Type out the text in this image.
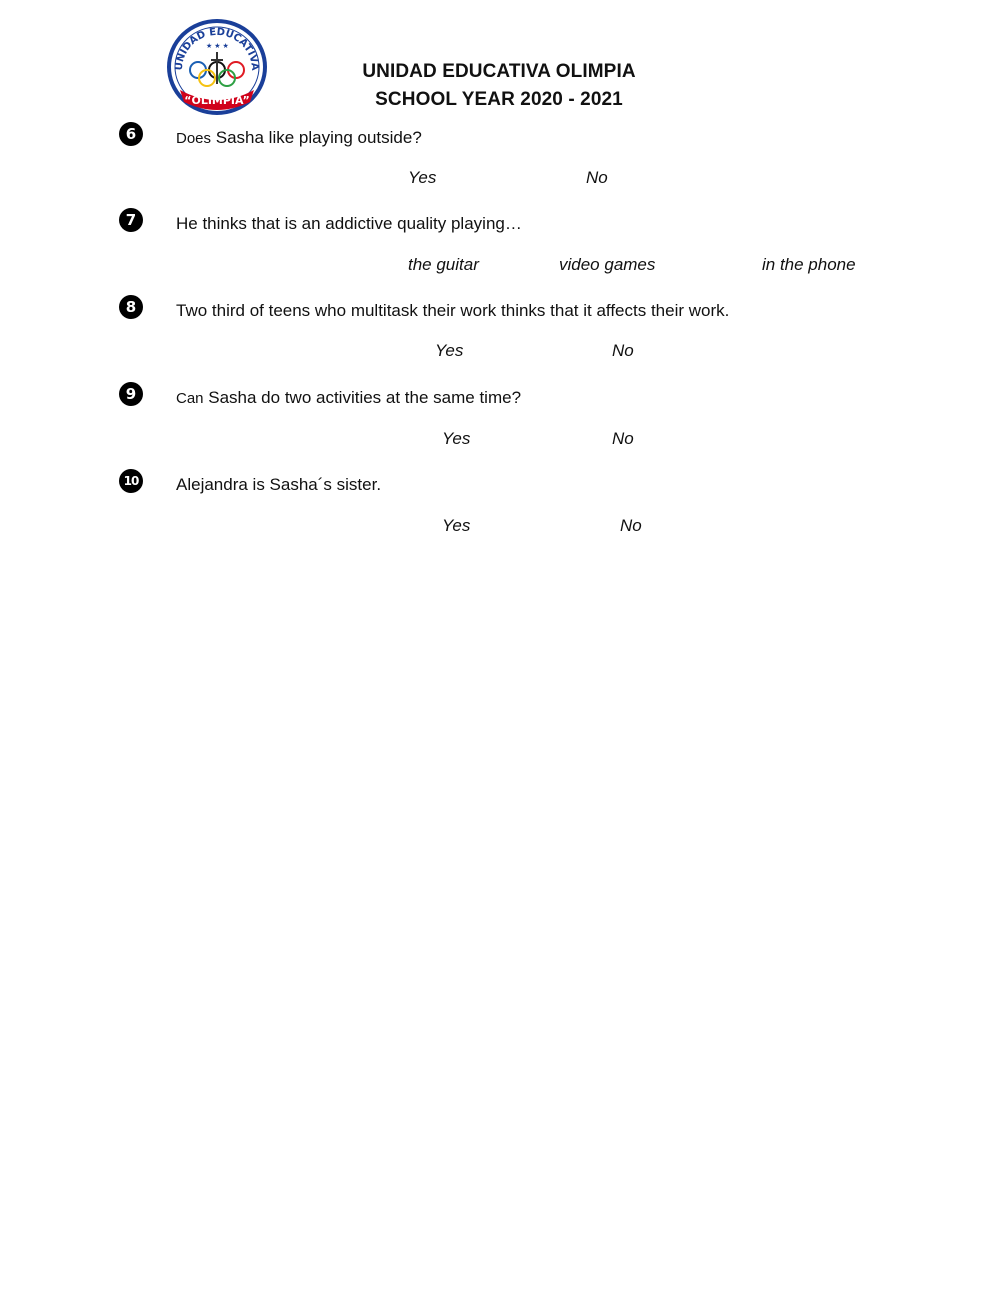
UNIDAD EDUCATIVA
★ ★ ★
“OLIMPIA”
UNIDAD EDUCATIVA OLIMPIA
SCHOOL YEAR 2020 - 2021
6	Does Sasha like playing outside?
Yes	No
7	He thinks that is an addictive quality playing…
the guitar	video games	in the phone
8	Two third of teens who multitask their work thinks that it affects their work.
Yes	No
9	Can Sasha do two activities at the same time?
Yes	No
10 Alejandra is Sasha´s sister.
Yes	No
